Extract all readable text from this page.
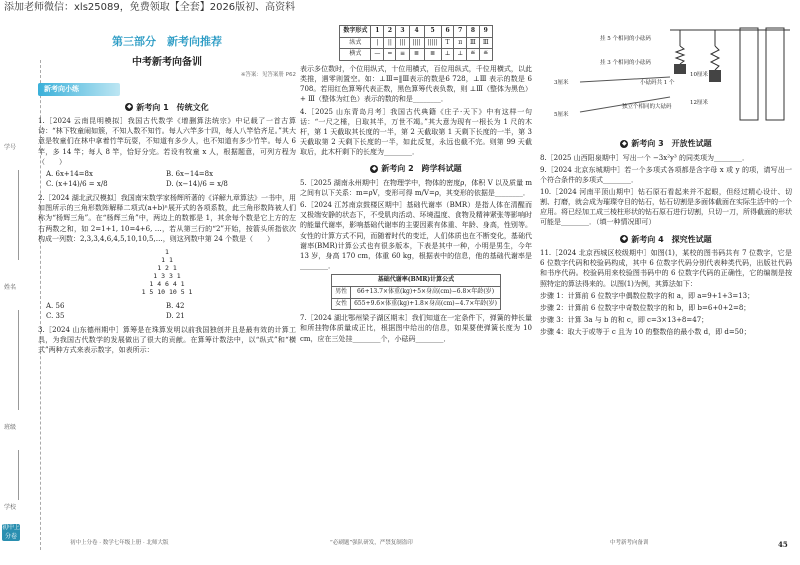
添加老师微信：xls25089，免费领取【全套】2026版初、高资料
学号
姓名
班级
学校
初中上分卷
第三部分　新考向推荐
中考新考向备训
※答案：见答案册 P62
新考向小练
◆ 新考向 1　传统文化

1.［2024 云南昆明模拟］我国古代数学《增删算法统宗》中记载了一首古算诗：“林下牧童闹如簇，不知人数不知竹。每人六竿多十四，每人八竿恰齐足。”其大意是牧童们在林中拿着竹竿玩耍，不知道有多少人，也不知道有多少竹竿。每人 6 竿，多 14 竿；每人 8 竿，恰好分完。若设有牧童 x 人，根据题意，可列方程为（　　）

A. 6x+14=8x	B. 6x−14=8x
C. (x+14)/6 = x/8	D. (x−14)/6 = x/8

2.［2024 湖北武汉模拟］我国南宋数学家杨辉所著的《详解九章算法》一书中，用如图所示的三角形数阵解释二项式(a+b)ⁿ展开式的各项系数，此三角形数阵被人们称为“杨辉三角”。在“杨辉三角”中，两边上的数都是 1，其余每个数是它上方的左右两数之和，如 2=1+1, 10=4+6, …，若从第三行的“2”开始，按箭头所指依次构成一列数：2,3,3,4,6,4,5,10,10,5,…，则这列数中第 24 个数是（　　）

1
1 1
1 2 1
1 3 3 1
1 4 6 4 1
1 5 10 10 5 1
A. 56	B. 42
C. 35	D. 21

3.［2024 山东德州期中］算筹是在珠算发明以前我国独创并且是最有效的计算工具，为我国古代数学的发展做出了很大的贡献。在算筹计数法中，以“纵式”和“横式”两种方式来表示数字，如表所示：

数字形式	1	2	3	4	5	6	7	8	9
纵式	|	||	|||	||||	|||||	T	π	Ⅲ	Ⅲ
横式	—	=	≡	≣	≣	⊥	⊥	≝	≝

表示多位数时，个位用纵式，十位用横式，百位用纵式，千位用横式，以此类推，遇零则置空。如：⊥Ⅲ=‖Ⅲ表示的数是6 728，⊥Ⅲ 表示的数是 6 708。若用红色算筹代表正数，黑色算筹代表负数，则 ⊥Ⅲ（整体为黑色）+ Ⅲ（整体为红色）表示的数的和是________．

4.［2025 山东青岛月考］我国古代典籍《庄子·天下》中有这样一句话：“一尺之棰，日取其半，万世不竭。”其大意为现有一根长为 1 尺的木杆，第 1 天截取其长度的一半，第 2 天截取第 1 天剩下长度的一半，第 3 天截取第 2 天剩下长度的一半，如此反复，永远也截不完。则第 99 天截取后，此木杆剩下的长度为________．

◆ 新考向 2　跨学科试题

5.［2025 湖南永州期中］在物理学中，物体的密度ρ，体积 V 以及质量 m 之间有以下关系：m=ρV，变形可得 m/V=ρ，其变形的依据是________．

6.［2024 江苏南京鼓楼区期中］基础代谢率（BMR）是指人体在清醒而又极端安静的状态下，不受肌肉活动、环境温度、食物及精神紧张等影响时的能量代谢率，影响基础代谢率的主要因素有体重、年龄、身高，性别等。女性的计算方式不同，而随着时代的变迁，人们体质也在不断变化，基础代谢率(BMR)计算公式也有很多版本，下表是其中一种，小明是男生，今年 13 岁，身高 170 cm，体重 60 kg，根据表中的信息，他的基础代谢率是________．

基础代谢率(BMR)计算公式	
男性	66+13.7×体重(kg)+5×身高(cm)−6.8×年龄(岁)
女性	655+9.6×体重(kg)+1.8×身高(cm)−4.7×年龄(岁)

7.［2024 湖北鄂州梁子湖区期末］我们知道在一定条件下，弹簧的伸长量和所挂物体质量成正比，根据图中给出的信息，如果要使弹簧长度为 10 cm，应在三处挂________个，小砝码________．

挂 3 个相同的小砝码
独立个相同的大砝码
小砝码共 1 个
3厘米
10厘米
5厘米
12厘米
挂 5 个相同的小砝码
◆ 新考向 3　开放性试题

8.［2025 山西阳泉期中］写出一个 −3x²y³ 的同类项为________．

9.［2024 北京东城期中］若一个多项式各项都是含字母 x 或 y 的项，请写出一个符合条件的多项式________．

10.［2024 河南平顶山期中］钻石原石看起来并不起眼，但经过精心设计、切割、打磨，就会成为璀璨夺目的钻石，钻石切割是多面体截面在实际生活中的一个应用。将已经加工成三棱柱形状的钻石原石进行切割，只切一刀，所得截面的形状可能是________．（填一种情况即可）

◆ 新考向 4　探究性试题

11.［2024 北京西城区校级期中］如图(1)，某校的图书码共有 7 位数字，它是 6 位数字代码和校验码构成，其中 6 位数字代码分别代表种类代码，出版社代码和书序代码。校验码用来校验图书码中的 6 位数字代码的正确性，它的编制是按照特定的算法得来的。以图(1)为例，其算法如下：

步骤 1：计算前 6 位数字中偶数位数字的和 a，即 a=9+1+3=13；

步骤 2：计算前 6 位数字中奇数位数字的和 b，即 b=6+0+2=8；

步骤 3：计算 3a 与 b 的和 c，即 c=3×13+8=47；

步骤 4：取大于或等于 c 且为 10 的整数倍的最小数 d，即 d=50；

初中上分卷 · 数学七年级上册 · 北师大版	“必刷题”强队研发，严禁复制盗印	中考新考向备训	45
